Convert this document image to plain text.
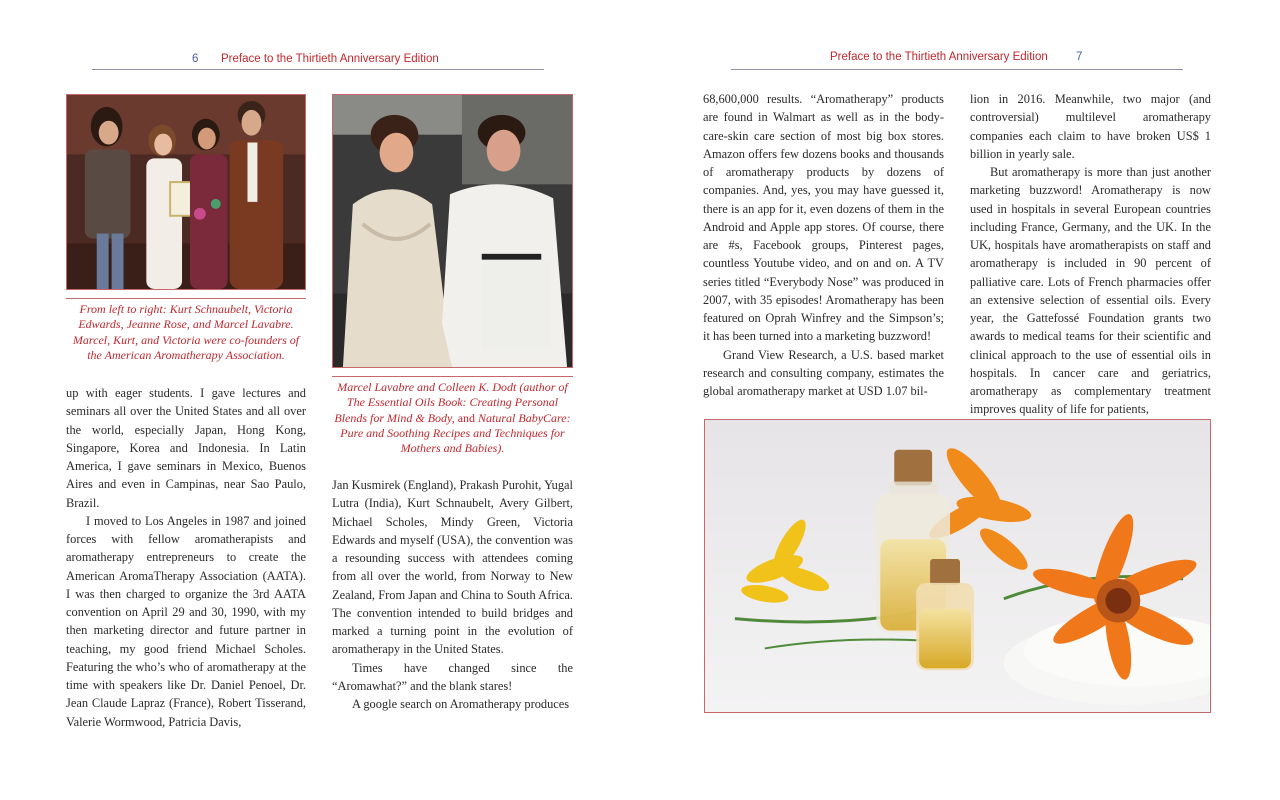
6 Preface to the Thirtieth Anniversary Edition
From left to right: Kurt Schnaubelt, Victoria Edwards, Jeanne Rose, and Marcel Lavabre. Marcel, Kurt, and Victoria were co-founders of the American Aromatherapy Association.
Marcel Lavabre and Colleen K. Dodt (author of The Essential Oils Book: Creating Personal Blends for Mind & Body, and Natural BabyCare: Pure and Soothing Recipes and Techniques for Mothers and Babies).

up with eager students. I gave lectures and seminars all over the United States and all over the world, especially Japan, Hong Kong, Singapore, Korea and Indonesia. In Latin America, I gave seminars in Mexico, Buenos Aires and even in Campinas, near Sao Paulo, Brazil.

I moved to Los Angeles in 1987 and joined forces with fellow aromatherapists and aromatherapy entrepreneurs to create the American AromaTherapy Association (AATA). I was then charged to organize the 3rd AATA convention on April 29 and 30, 1990, with my then marketing director and future partner in teaching, my good friend Michael Scholes. Featuring the who’s who of aromatherapy at the time with speakers like Dr. Daniel Penoel, Dr. Jean Claude Lapraz (France), Robert Tisserand, Valerie Wormwood, Patricia Davis,

Jan Kusmirek (England), Prakash Purohit, Yugal Lutra (India), Kurt Schnaubelt, Avery Gilbert, Michael Scholes, Mindy Green, Victoria Edwards and myself (USA), the convention was a resounding success with attendees coming from all over the world, from Norway to New Zealand, From Japan and China to South Africa. The convention intended to build bridges and marked a turning point in the evolution of aromatherapy in the United States.

Times have changed since the “Aromawhat?” and the blank stares!

A google search on Aromatherapy produces

Preface to the Thirtieth Anniversary Edition 7

68,600,000 results. “Aromatherapy” products are found in Walmart as well as in the body-care-skin care section of most big box stores. Amazon offers few dozens books and thousands of aromatherapy products by dozens of companies. And, yes, you may have guessed it, there is an app for it, even dozens of them in the Android and Apple app stores. Of course, there are #s, Facebook groups, Pinterest pages, countless Youtube video, and on and on. A TV series titled “Everybody Nose” was produced in 2007, with 35 episodes! Aromatherapy has been featured on Oprah Winfrey and the Simpson’s; it has been turned into a marketing buzzword!

Grand View Research, a U.S. based market research and consulting company, estimates the global aromatherapy market at USD 1.07 bil-

lion in 2016. Meanwhile, two major (and controversial) multilevel aromatherapy companies each claim to have broken US$ 1 billion in yearly sale.

But aromatherapy is more than just another marketing buzzword! Aromatherapy is now used in hospitals in several European countries including France, Germany, and the UK. In the UK, hospitals have aromatherapists on staff and aromatherapy is included in 90 percent of palliative care. Lots of French pharmacies offer an extensive selection of essential oils. Every year, the Gattefossé Foundation grants two awards to medical teams for their scientific and clinical approach to the use of essential oils in hospitals. In cancer care and geriatrics, aromatherapy as complementary treatment improves quality of life for patients,
